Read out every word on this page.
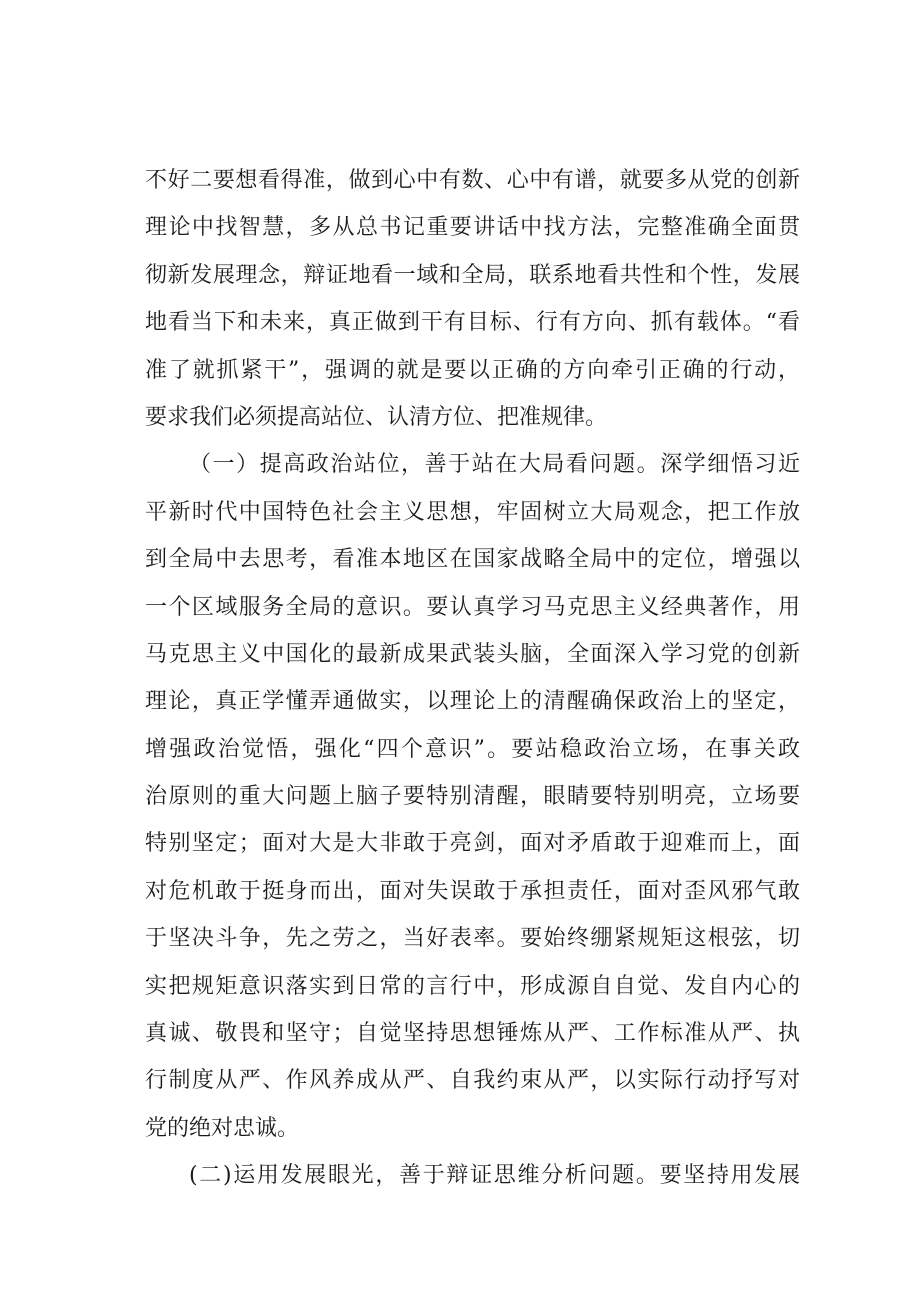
不好二要想看得准，做到心中有数、心中有谱，就要多从党的创新
理论中找智慧，多从总书记重要讲话中找方法，完整准确全面贯
彻新发展理念，辩证地看一域和全局，联系地看共性和个性，发展
地看当下和未来，真正做到干有目标、行有方向、抓有载体。“看
准了就抓紧干”，强调的就是要以正确的方向牵引正确的行动，
要求我们必须提高站位、认清方位、把准规律。
（一）提高政治站位，善于站在大局看问题。深学细悟习近
平新时代中国特色社会主义思想，牢固树立大局观念，把工作放
到全局中去思考，看准本地区在国家战略全局中的定位，增强以
一个区域服务全局的意识。要认真学习马克思主义经典著作，用
马克思主义中国化的最新成果武装头脑，全面深入学习党的创新
理论，真正学懂弄通做实，以理论上的清醒确保政治上的坚定，
增强政治觉悟，强化“四个意识”。要站稳政治立场，在事关政
治原则的重大问题上脑子要特别清醒，眼睛要特别明亮，立场要
特别坚定；面对大是大非敢于亮剑，面对矛盾敢于迎难而上，面
对危机敢于挺身而出，面对失误敢于承担责任，面对歪风邪气敢
于坚决斗争，先之劳之，当好表率。要始终绷紧规矩这根弦，切
实把规矩意识落实到日常的言行中，形成源自自觉、发自内心的
真诚、敬畏和坚守；自觉坚持思想锤炼从严、工作标准从严、执
行制度从严、作风养成从严、自我约束从严，以实际行动抒写对
党的绝对忠诚。
(二)运用发展眼光，善于辩证思维分析问题。要坚持用发展
